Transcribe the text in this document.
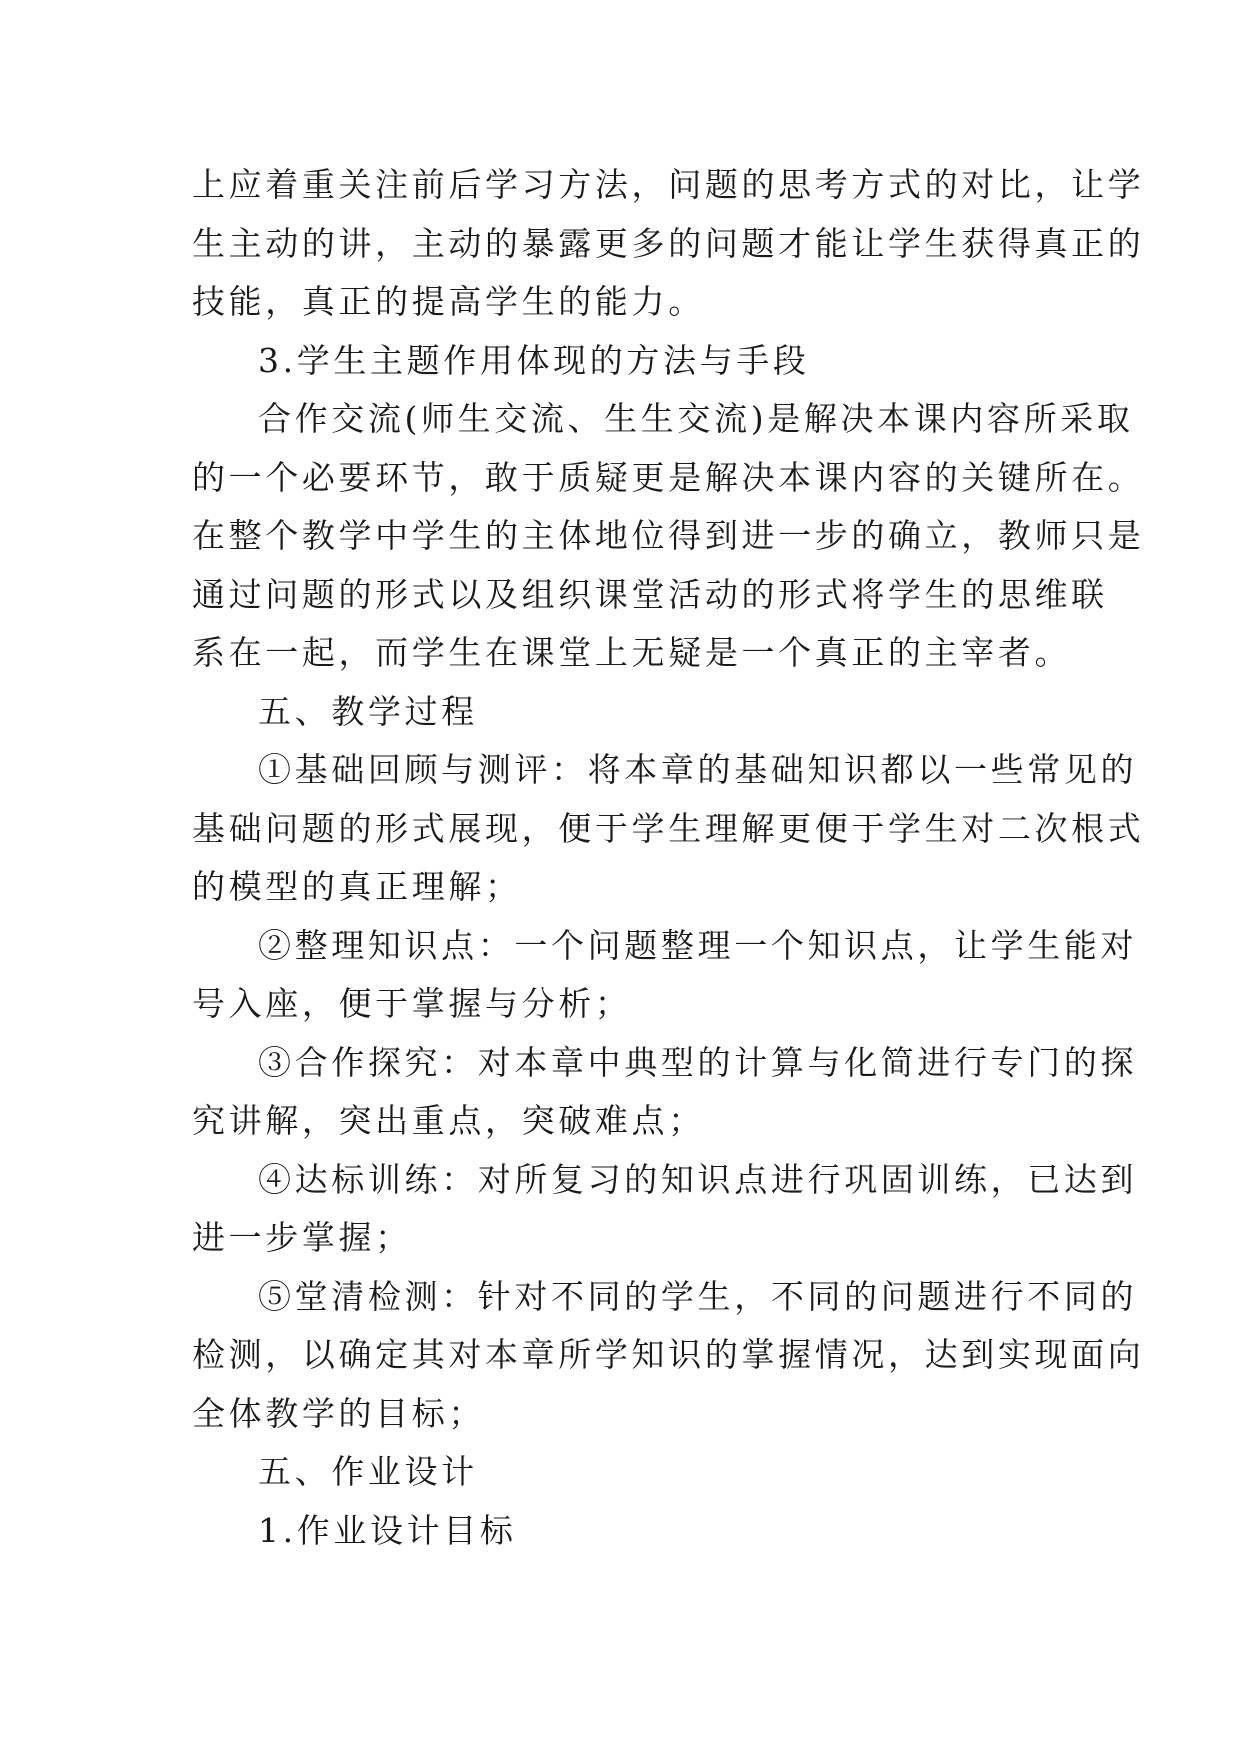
上应着重关注前后学习方法，问题的思考方式的对比，让学
生主动的讲，主动的暴露更多的问题才能让学生获得真正的
技能，真正的提高学生的能力。
3.学生主题作用体现的方法与手段
合作交流(师生交流、生生交流)是解决本课内容所采取
的一个必要环节，敢于质疑更是解决本课内容的关键所在。
在整个教学中学生的主体地位得到进一步的确立，教师只是
通过问题的形式以及组织课堂活动的形式将学生的思维联
系在一起，而学生在课堂上无疑是一个真正的主宰者。
五、教学过程
①基础回顾与测评：将本章的基础知识都以一些常见的
基础问题的形式展现，便于学生理解更便于学生对二次根式
的模型的真正理解；
②整理知识点：一个问题整理一个知识点，让学生能对
号入座，便于掌握与分析；
③合作探究：对本章中典型的计算与化简进行专门的探
究讲解，突出重点，突破难点；
④达标训练：对所复习的知识点进行巩固训练，已达到
进一步掌握；
⑤堂清检测：针对不同的学生，不同的问题进行不同的
检测，以确定其对本章所学知识的掌握情况，达到实现面向
全体教学的目标；
五、作业设计
1.作业设计目标
